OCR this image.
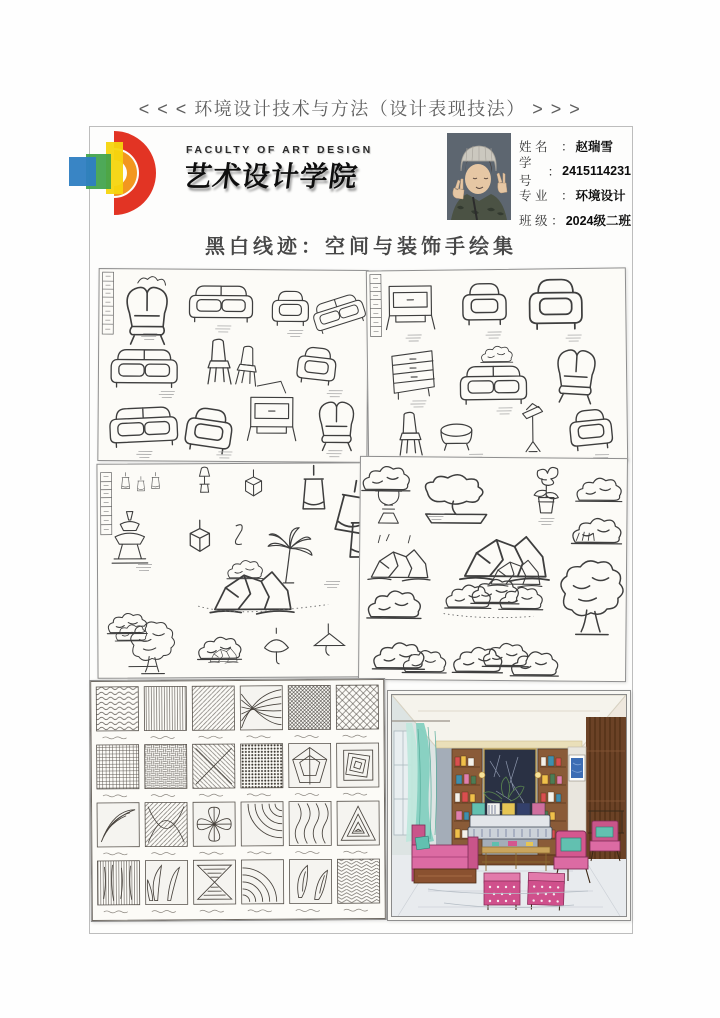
< < < 环境设计技术与方法（设计表现技法） > > >
FACULTY OF ART DESIGN
艺术设计学院
姓 名	： 赵瑞雪
学 号
： 2415114231
专 业	： 环境设计
班 级 ： 2024级二班
黑白线迹：空间与装饰手绘集
